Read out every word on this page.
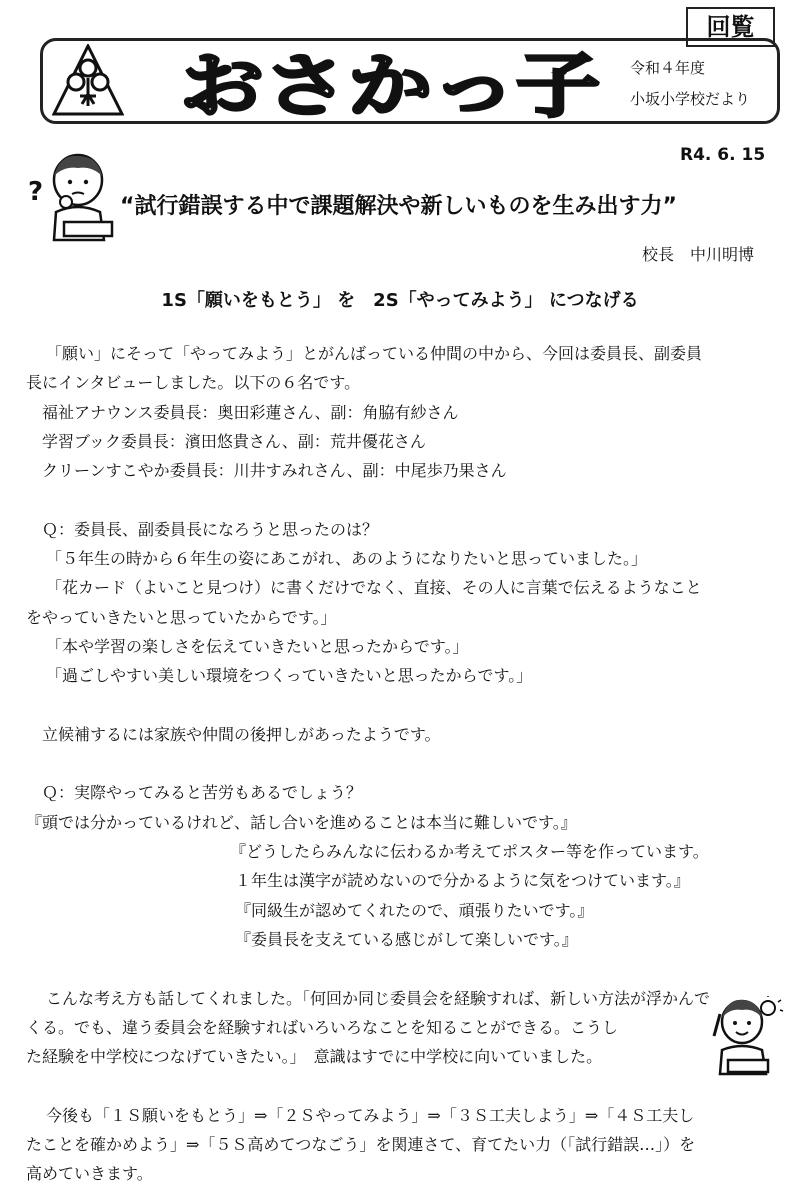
回覧
おさかっ子 令和４年度
小坂小学校だより
R4. 6. 15
?	“試行錯誤する中で課題解決や新しいものを生み出す力”
校長　中川明博
1S「願いをもとう」 を　2S「やってみよう」 につなげる
「願い」にそって「やってみよう」とがんばっている仲間の中から、今回は委員長、副委員
長にインタビューしました。以下の６名です。
福祉アナウンス委員長：奥田彩蓮さん、副：角脇有紗さん
学習ブック委員長：濱田悠貴さん、副：荒井優花さん
クリーンすこやか委員長：川井すみれさん、副：中尾歩乃果さん
Ｑ：委員長、副委員長になろうと思ったのは？
「５年生の時から６年生の姿にあこがれ、あのようになりたいと思っていました。」
「花カード（よいこと見つけ）に書くだけでなく、直接、その人に言葉で伝えるようなこと
をやっていきたいと思っていたからです。」
「本や学習の楽しさを伝えていきたいと思ったからです。」
「過ごしやすい美しい環境をつくっていきたいと思ったからです。」
立候補するには家族や仲間の後押しがあったようです。
Ｑ：実際やってみると苦労もあるでしょう？
『頭では分かっているけれど、話し合いを進めることは本当に難しいです。』
『どうしたらみんなに伝わるか考えてポスター等を作っています。
１年生は漢字が読めないので分かるように気をつけています。』
『同級生が認めてくれたので、頑張りたいです。』
『委員長を支えている感じがして楽しいです。』
こんな考え方も話してくれました。「何回か同じ委員会を経験すれば、新しい方法が浮かんで
くる。でも、違う委員会を経験すればいろいろなことを知ることができる。こうし
た経験を中学校につなげていきたい。」　意識はすでに中学校に向いていました。
今後も「１Ｓ願いをもとう」⇒「２Ｓやってみよう」⇒「３Ｓ工夫しよう」⇒「４Ｓ工夫し
たことを確かめよう」⇒「５Ｓ高めてつなごう」を関連さて、育てたい力（「試行錯誤…」）を
高めていきます。
